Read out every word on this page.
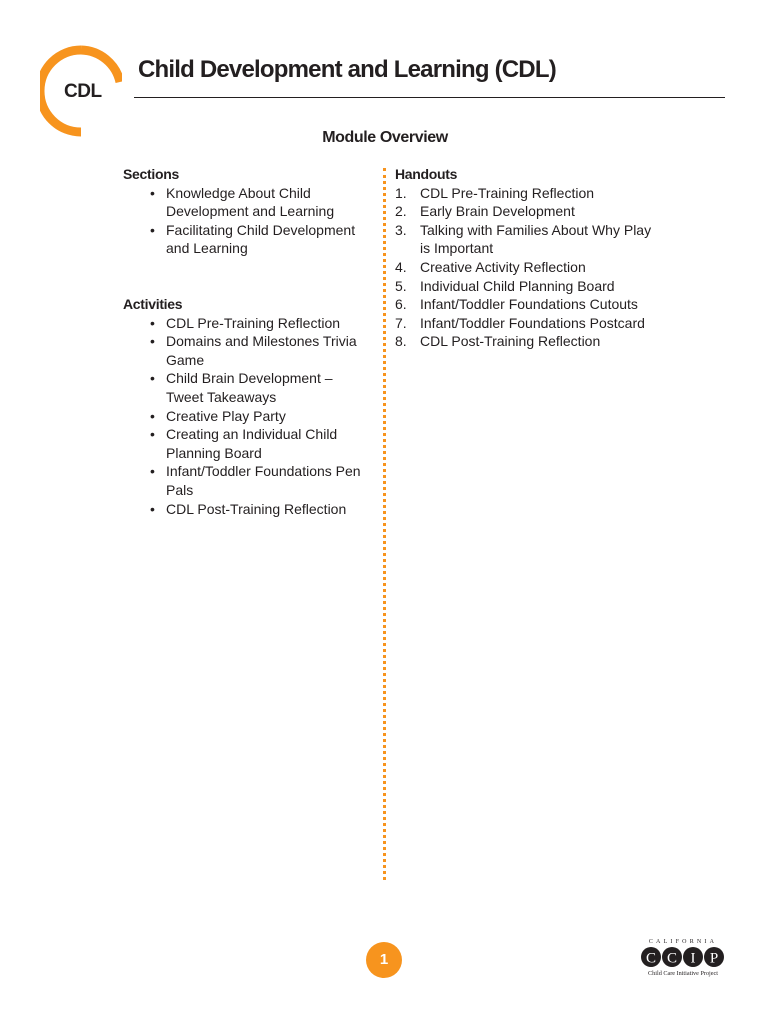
CDL
Child Development and Learning (CDL)
Module Overview
Sections
• Knowledge About Child Development and Learning
• Facilitating Child Development and Learning
Activities
• CDL Pre-Training Reflection
• Domains and Milestones Trivia Game
• Child Brain Development – Tweet Takeaways
• Creative Play Party
• Creating an Individual Child Planning Board
• Infant/Toddler Foundations Pen Pals
• CDL Post-Training Reflection
Handouts
1. CDL Pre-Training Reflection
2. Early Brain Development
3. Talking with Families About Why Play is Important
4. Creative Activity Reflection
5. Individual Child Planning Board
6. Infant/Toddler Foundations Cutouts
7. Infant/Toddler Foundations Postcard
8. CDL Post-Training Reflection
1
CALIFORNIA
C C I P
Child Care Initiative Project
